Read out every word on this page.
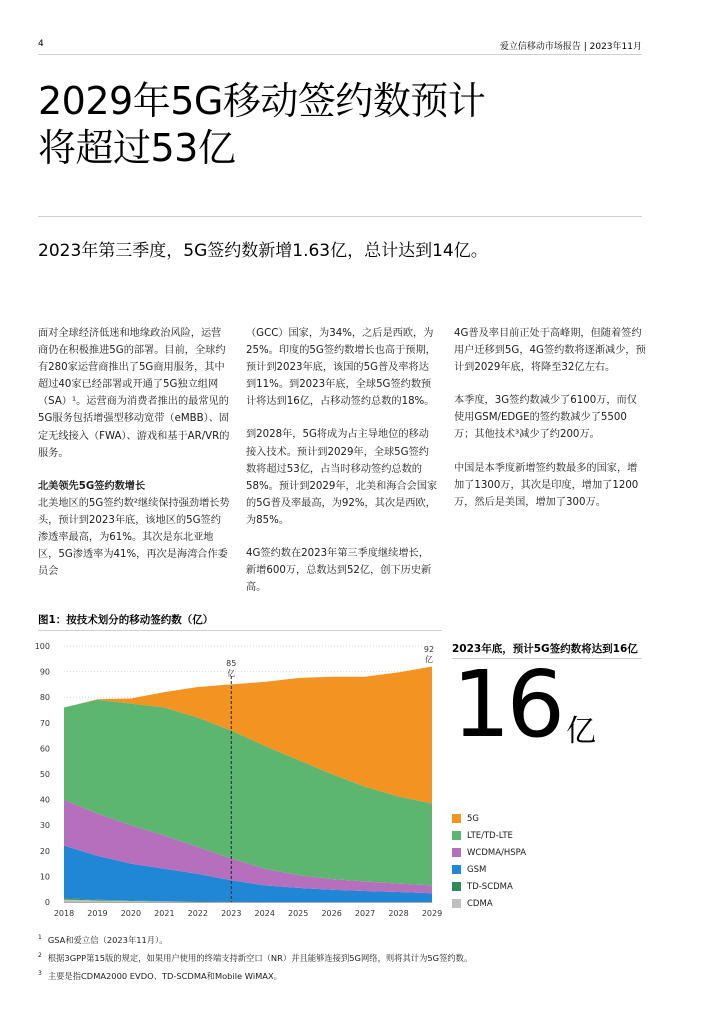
4	爱立信移动市场报告 | 2023年11月
2029年5G移动签约数预计
将超过53亿
2023年第三季度，5G签约数新增1.63亿，总计达到14亿。

面对全球经济低迷和地缘政治风险，运营商仍在积极推进5G的部署。目前，全球约有280家运营商推出了5G商用服务，其中超过40家已经部署或开通了5G独立组网（SA）¹。运营商为消费者推出的最常见的5G服务包括增强型移动宽带（eMBB）、固定无线接入（FWA）、游戏和基于AR/VR的服务。

北美领先5G签约数增长

北美地区的5G签约数²继续保持强劲增长势头，预计到2023年底，该地区的5G签约渗透率最高，为61%。其次是东北亚地区，5G渗透率为41%，再次是海湾合作委员会

（GCC）国家，为34%，之后是西欧，为25%。印度的5G签约数增长也高于预期，预计到2023年底，该国的5G普及率将达到11%。到2023年底，全球5G签约数预计将达到16亿，占移动签约总数的18%。

到2028年，5G将成为占主导地位的移动接入技术。预计到2029年，全球5G签约数将超过53亿，占当时移动签约总数的58%。预计到2029年，北美和海合会国家的5G普及率最高，为92%，其次是西欧，为85%。

4G签约数在2023年第三季度继续增长，新增600万，总数达到52亿，创下历史新高。

4G普及率目前正处于高峰期，但随着签约用户迁移到5G，4G签约数将逐渐减少，预计到2029年底，将降至32亿左右。

本季度，3G签约数减少了6100万，而仅使用GSM/EDGE的签约数减少了5500万；其他技术³减少了约200万。

中国是本季度新增签约数最多的国家，增加了1300万，其次是印度，增加了1200万，然后是美国，增加了300万。

图1：按技术划分的移动签约数（亿）
0
10
20
30
40
50
60
70
80
90
100
2018 2019 2020 2021 2022 2023 2024 2025 2026 2027 2028 2029
85
亿
92
亿
2023年底，预计5G签约数将达到16亿
16 亿
5G
LTE/TD-LTE
WCDMA/HSPA
GSM
TD-SCDMA
CDMA
$^1$ GSA和爱立信（2023年11月）。
$^2$ 根据3GPP第15版的规定，如果用户使用的终端支持新空口（NR）并且能够连接到5G网络，则将其计为5G签约数。
$^3$ 主要是指CDMA2000 EVDO、TD-SCDMA和Mobile WiMAX。
